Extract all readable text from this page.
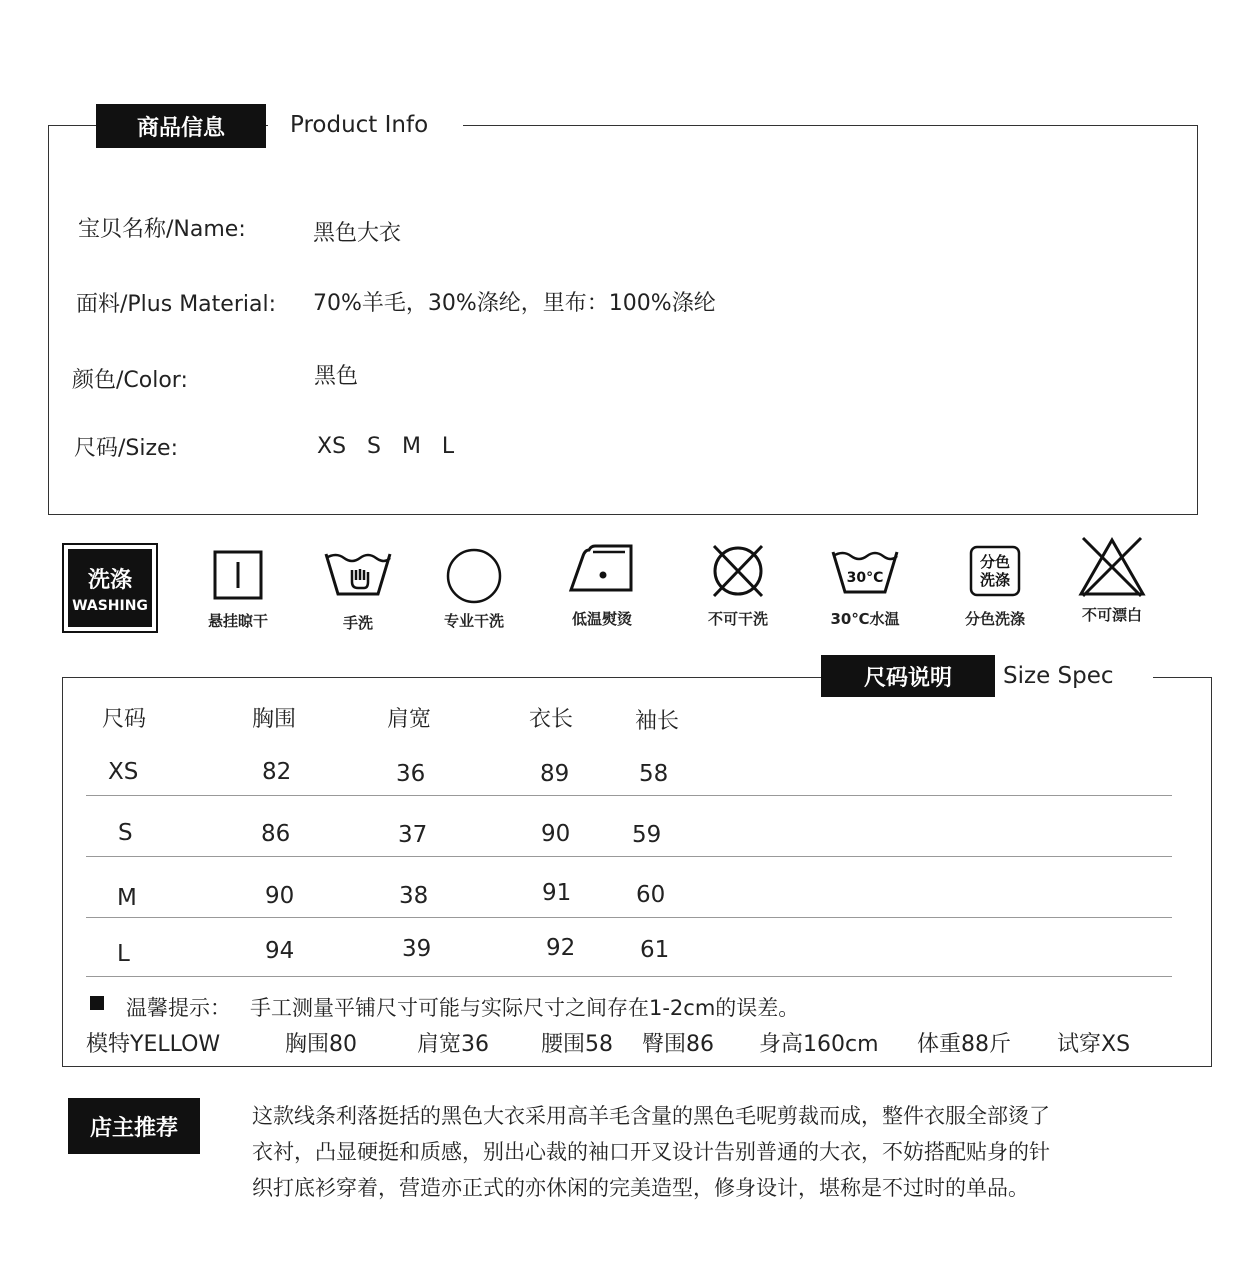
商品信息	Product Info
宝贝名称/Name:	黑色大衣
面料/Plus Material: 70%羊毛，30%涤纶，里布：100%涤纶
颜色/Color:	黑色
尺码/Size:	XS   S   M   L
洗涤
WASHING
悬挂晾干	手洗	专业干洗	低温熨烫	不可干洗
30°C
30℃水温
分色
洗涤
分色洗涤	不可漂白
尺码说明	Size Spec
尺码	胸围	肩宽	衣长	袖长
XS	82	36	89	58
S	86	37	90	59
M	90	38	91	60
L	94	39	92	61
温馨提示： 手工测量平铺尺寸可能与实际尺寸之间存在1-2cm的误差。
模特YELLOW	胸围80	肩宽36 腰围58 臀围86 身高160cm 体重88斤 试穿XS
店主推荐	这款线条利落挺括的黑色大衣采用高羊毛含量的黑色毛呢剪裁而成，整件衣服全部烫了
衣衬，凸显硬挺和质感，别出心裁的袖口开叉设计告别普通的大衣，不妨搭配贴身的针
织打底衫穿着，营造亦正式的亦休闲的完美造型，修身设计，堪称是不过时的单品。
